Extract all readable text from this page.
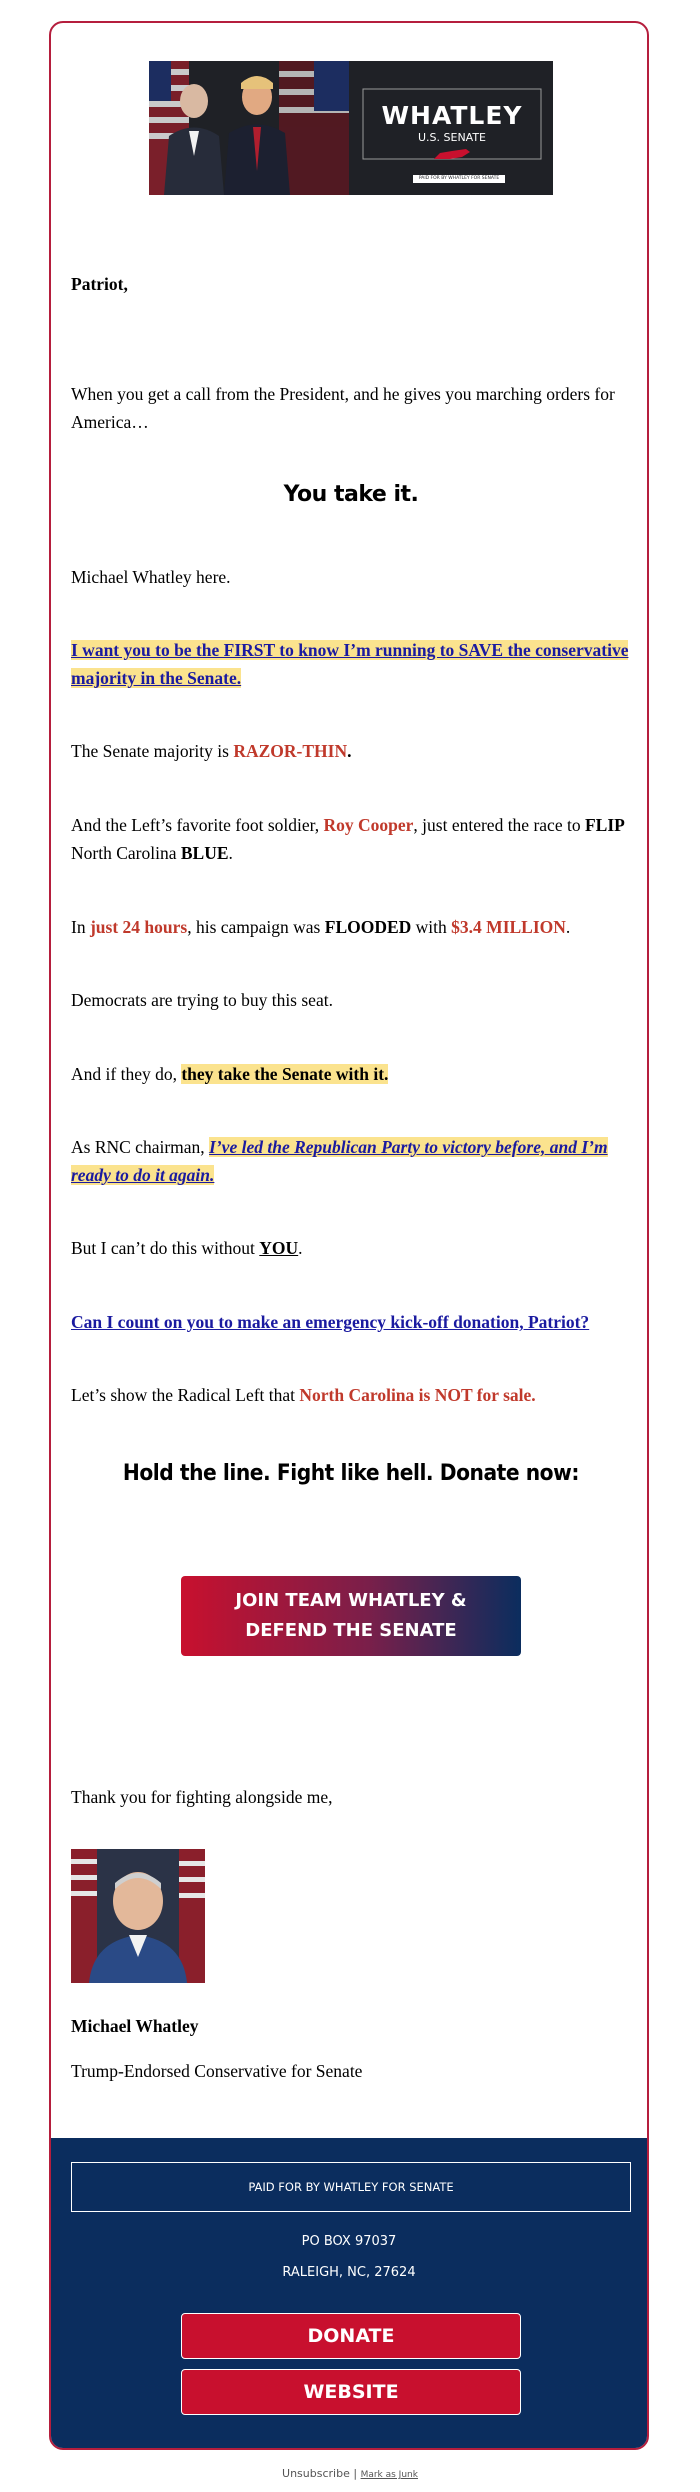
WHATLEY
U.S. SENATE
PAID FOR BY WHATLEY FOR SENATE

Patriot,

When you get a call from the President, and he gives you marching orders for America…

You take it.

Michael Whatley here.

I want you to be the FIRST to know I’m running to SAVE the conservative majority in the Senate.

The Senate majority is RAZOR-THIN.

And the Left’s favorite foot soldier, Roy Cooper, just entered the race to FLIP North Carolina BLUE.

In just 24 hours, his campaign was FLOODED with $3.4 MILLION.

Democrats are trying to buy this seat.

And if they do, they take the Senate with it.

As RNC chairman, I’ve led the Republican Party to victory before, and I’m ready to do it again.

But I can’t do this without YOU.

Can I count on you to make an emergency kick-off donation, Patriot?

Let’s show the Radical Left that North Carolina is NOT for sale.

Hold the line. Fight like hell. Donate now:

JOIN TEAM WHATLEY &
DEFEND THE SENATE

Thank you for fighting alongside me,

Michael Whatley

Trump-Endorsed Conservative for Senate

PAID FOR BY WHATLEY FOR SENATE
PO BOX 97037
RALEIGH, NC, 27624
DONATE
WEBSITE
Unsubscribe | Mark as Junk
